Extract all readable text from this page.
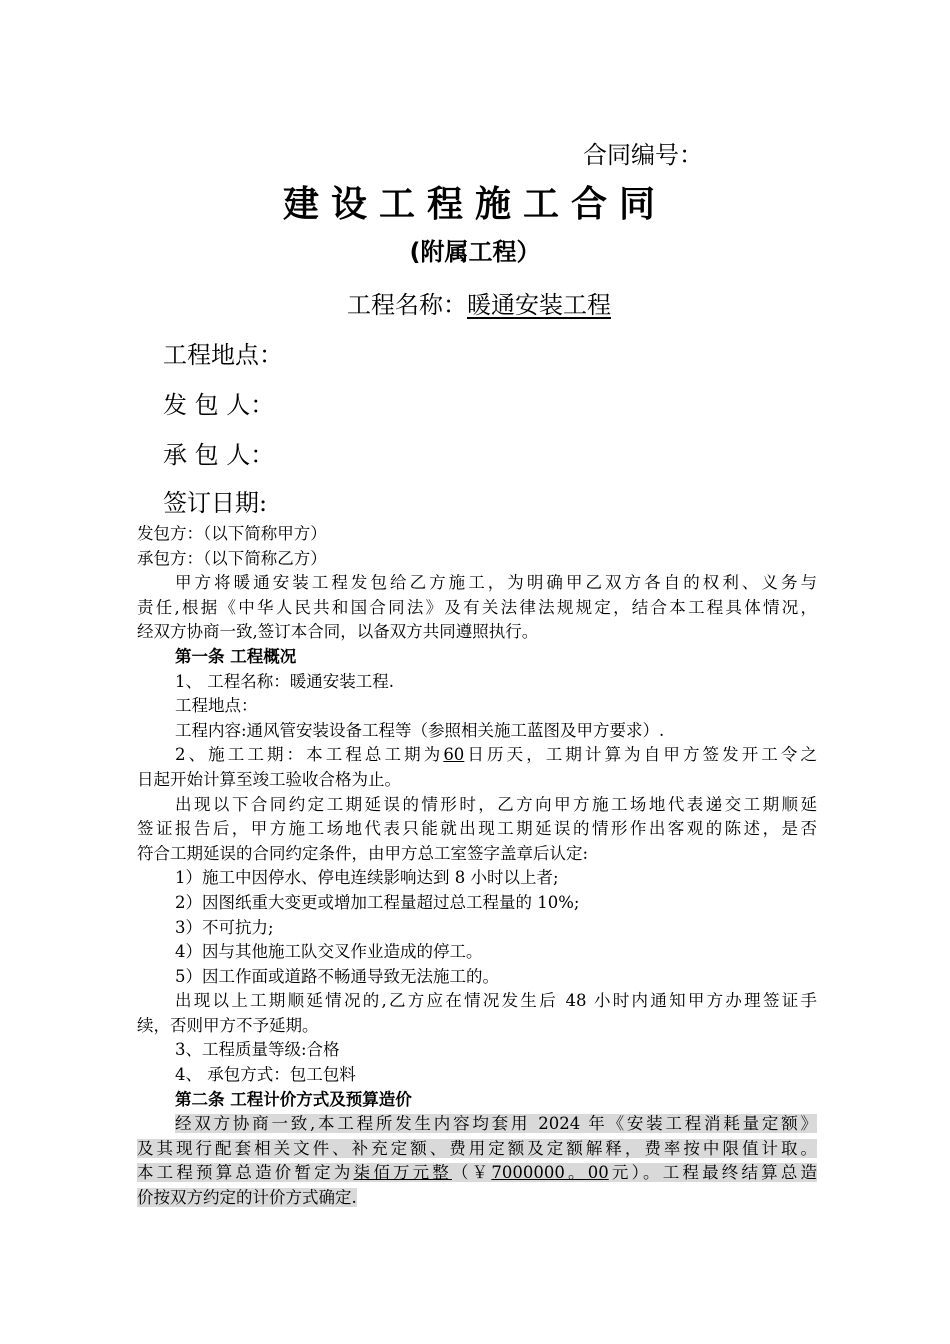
合同编号：
建设工程施工合同
(附属工程）
工程名称：暖通安装工程
工程地点：
发 包 人：
承 包 人：
签订日期:

发包方：（以下简称甲方）

承包方：（以下简称乙方）

甲方将暖通安装工程发包给乙方施工，为明确甲乙双方各自的权利、义务与

责任,根据《中华人民共和国合同法》及有关法律法规规定，结合本工程具体情况，

经双方协商一致,签订本合同，以备双方共同遵照执行。

第一条 工程概况

1、 工程名称：暖通安装工程.

工程地点：

工程内容:通风管安装设备工程等（参照相关施工蓝图及甲方要求）.

2、施工工期：本工程总工期为60日历天，工期计算为自甲方签发开工令之

日起开始计算至竣工验收合格为止。

出现以下合同约定工期延误的情形时，乙方向甲方施工场地代表递交工期顺延

签证报告后，甲方施工场地代表只能就出现工期延误的情形作出客观的陈述，是否

符合工期延误的合同约定条件，由甲方总工室签字盖章后认定:

1）施工中因停水、停电连续影响达到 8 小时以上者;

2）因图纸重大变更或增加工程量超过总工程量的 10%;

3）不可抗力;

4）因与其他施工队交叉作业造成的停工。

5）因工作面或道路不畅通导致无法施工的。

出现以上工期顺延情况的,乙方应在情况发生后 48 小时内通知甲方办理签证手

续，否则甲方不予延期。

3、工程质量等级:合格

4、 承包方式：包工包料

第二条 工程计价方式及预算造价

经双方协商一致,本工程所发生内容均套用 2024 年《安装工程消耗量定额》

及其现行配套相关文件、补充定额、费用定额及定额解释，费率按中限值计取。

本工程预算总造价暂定为柒佰万元整（￥7000000。00元）。工程最终结算总造

价按双方约定的计价方式确定.
